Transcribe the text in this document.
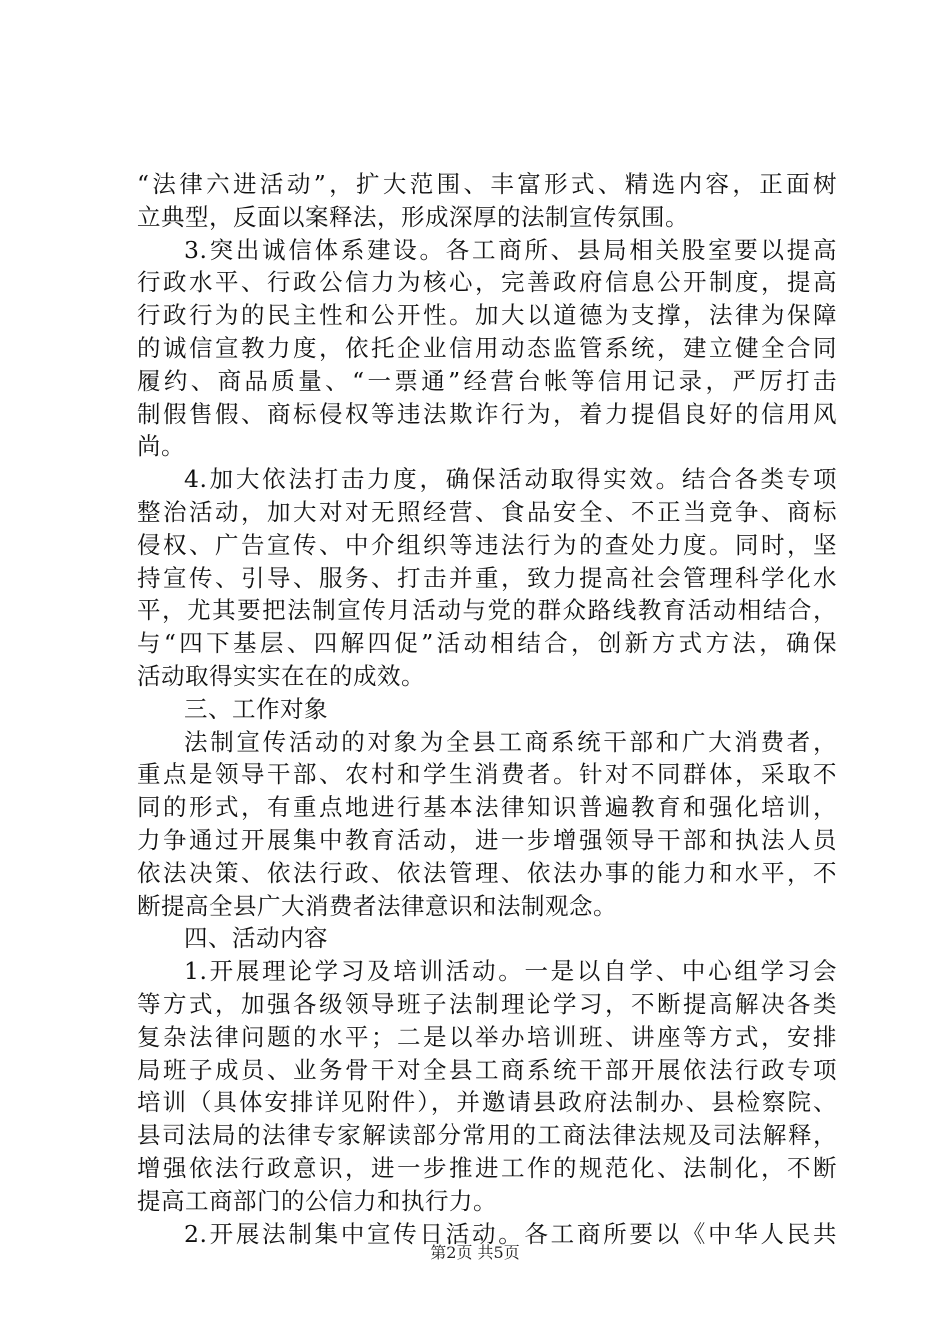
“法律六进活动”，扩大范围、丰富形式、精选内容，正面树
立典型，反面以案释法，形成深厚的法制宣传氛围。
3.突出诚信体系建设。各工商所、县局相关股室要以提高
行政水平、行政公信力为核心，完善政府信息公开制度，提高
行政行为的民主性和公开性。加大以道德为支撑，法律为保障
的诚信宣教力度，依托企业信用动态监管系统，建立健全合同
履约、商品质量、“一票通”经营台帐等信用记录，严厉打击
制假售假、商标侵权等违法欺诈行为，着力提倡良好的信用风
尚。
4.加大依法打击力度，确保活动取得实效。结合各类专项
整治活动，加大对对无照经营、食品安全、不正当竞争、商标
侵权、广告宣传、中介组织等违法行为的查处力度。同时，坚
持宣传、引导、服务、打击并重，致力提高社会管理科学化水
平，尤其要把法制宣传月活动与党的群众路线教育活动相结合，
与“四下基层、四解四促”活动相结合，创新方式方法，确保
活动取得实实在在的成效。
三、工作对象
法制宣传活动的对象为全县工商系统干部和广大消费者，
重点是领导干部、农村和学生消费者。针对不同群体，采取不
同的形式，有重点地进行基本法律知识普遍教育和强化培训，
力争通过开展集中教育活动，进一步增强领导干部和执法人员
依法决策、依法行政、依法管理、依法办事的能力和水平，不
断提高全县广大消费者法律意识和法制观念。
四、活动内容
1.开展理论学习及培训活动。一是以自学、中心组学习会
等方式，加强各级领导班子法制理论学习，不断提高解决各类
复杂法律问题的水平；二是以举办培训班、讲座等方式，安排
局班子成员、业务骨干对全县工商系统干部开展依法行政专项
培训（具体安排详见附件），并邀请县政府法制办、县检察院、
县司法局的法律专家解读部分常用的工商法律法规及司法解释，
增强依法行政意识，进一步推进工作的规范化、法制化，不断
提高工商部门的公信力和执行力。
2.开展法制集中宣传日活动。各工商所要以《中华人民共
第2页 共5页
